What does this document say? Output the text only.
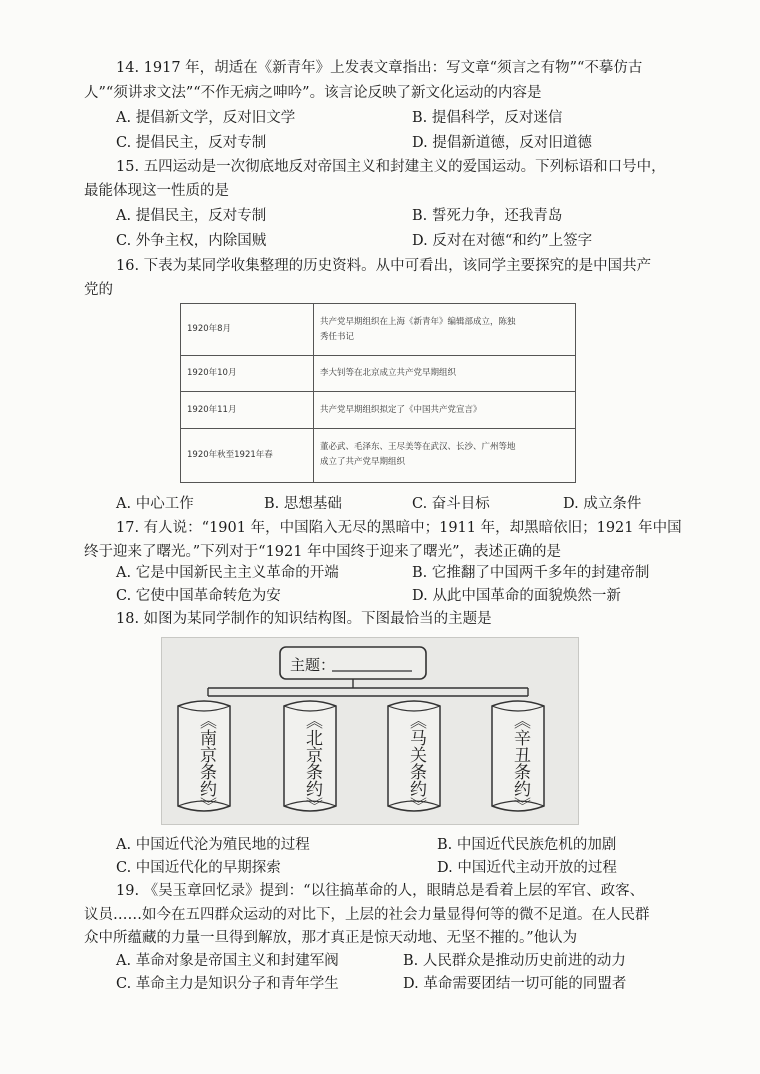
14. 1917 年，胡适在《新青年》上发表文章指出：写文章“须言之有物”“不摹仿古
人”“须讲求文法”“不作无病之呻吟”。该言论反映了新文化运动的内容是
A. 提倡新文学，反对旧文学	B. 提倡科学，反对迷信
C. 提倡民主，反对专制	D. 提倡新道德，反对旧道德
15. 五四运动是一次彻底地反对帝国主义和封建主义的爱国运动。下列标语和口号中，
最能体现这一性质的是
A. 提倡民主，反对专制	B. 誓死力争，还我青岛
C. 外争主权，内除国贼	D. 反对在对德“和约”上签字
16. 下表为某同学收集整理的历史资料。从中可看出，该同学主要探究的是中国共产
党的
1920年8月	共产党早期组织在上海《新青年》编辑部成立，陈独
秀任书记
1920年10月	李大钊等在北京成立共产党早期组织
1920年11月	共产党早期组织拟定了《中国共产党宣言》
1920年秋至1921年春	董必武、毛泽东、王尽美等在武汉、长沙、广州等地
成立了共产党早期组织
A. 中心工作	B. 思想基础	C. 奋斗目标	D. 成立条件
17. 有人说：“1901 年，中国陷入无尽的黑暗中；1911 年，却黑暗依旧；1921 年中国
终于迎来了曙光。”下列对于“1921 年中国终于迎来了曙光”，表述正确的是
A. 它是中国新民主主义革命的开端	B. 它推翻了中国两千多年的封建帝制
C. 它使中国革命转危为安	D. 从此中国革命的面貌焕然一新
18. 如图为某同学制作的知识结构图。下图最恰当的主题是
主题：
《南京条约》	《北京条约》	《马关条约》	《辛丑条约》
A. 中国近代沦为殖民地的过程	B. 中国近代民族危机的加剧
C. 中国近代化的早期探索	D. 中国近代主动开放的过程
19. 《吴玉章回忆录》提到：“以往搞革命的人，眼睛总是看着上层的军官、政客、
议员……如今在五四群众运动的对比下，上层的社会力量显得何等的微不足道。在人民群
众中所蕴藏的力量一旦得到解放，那才真正是惊天动地、无坚不摧的。”他认为
A. 革命对象是帝国主义和封建军阀	B. 人民群众是推动历史前进的动力
C. 革命主力是知识分子和青年学生	D. 革命需要团结一切可能的同盟者
